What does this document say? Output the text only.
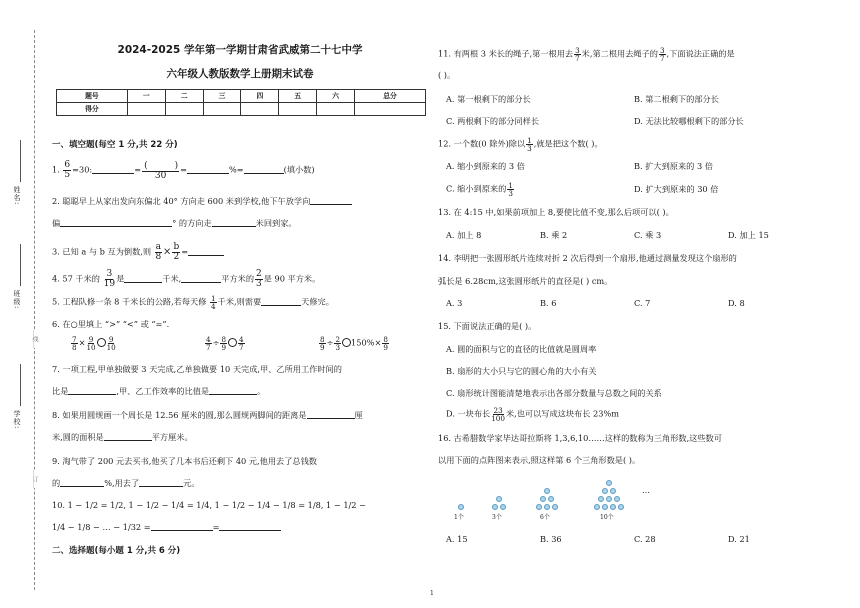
姓名:
班级:
学校:
…线…
…订…
2024-2025 学年第一学期甘肃省武威第二十七中学
六年级人教版数学上册期末试卷
题号	一	二	三	四	五	六	总分
得分							
一、填空题(每空 1 分,共 22 分)
1. $\frac{6}{5} =30$:	= (	)
30 =	%=	(填小数)
2. 聪聪早上从家出发向东偏北 40° 方向走 600 米到学校,他下午放学向
偏	° 的方向走	米回到家。
3. 已知 a 与 b 互为倒数,则 $\frac{a}{8} \times \frac{b}{2}$ =
4. 57 千米的 $\frac{3}{19}$ 是	千米,	平方米的 $\frac{2}{3}$ 是 90 平方米。
5. 工程队修一条 8 千米长的公路,若每天修 $\frac{1}{4}$ 千米,则需要	天修完。
6. 在○里填上 “>” “<” 或 “=”.
$\frac{7}{8} \times \frac{9}{10} \frac{9}{10}$	$\frac{4}{7} \div \frac{8}{9} \frac{4}{7}$	$\frac{8}{9} \div \frac{2}{3} 150\%\times \frac{8}{9}$
7. 一项工程,甲单独做要 3 天完成,乙单独做要 10 天完成,甲、乙所用工作时间的
比是	,甲、乙工作效率的比值是	。
8. 如果用圆规画一个周长是 12.56 厘米的圆,那么圆规两脚间的距离是	厘
米,圆的面积是	平方厘米。
9. 淘气带了 200 元去买书,他买了几本书后还剩下 40 元,他用去了总钱数
的	%,用去了	元。
10. 1 − 1/2 = 1/2, 1 − 1/2 − 1/4 = 1/4, 1 − 1/2 − 1/4 − 1/8 = 1/8, 1 − 1/2 −
1/4 − 1/8 − … − 1/32 =	=
二、选择题(每小题 1 分,共 6 分)
11. 有两根 3 米长的绳子,第一根用去 $\frac{3}{7}$ 米,第二根用去绳子的 $\frac{3}{7}$ ,下面说法正确的是
( )。
A. 第一根剩下的部分长	B. 第二根剩下的部分长
C. 两根剩下的部分同样长	D. 无法比较哪根剩下的部分长
12. 一个数(0 除外)除以 $\frac{1}{3}$ ,就是把这个数( )。
A. 缩小到原来的 3 倍	B. 扩大到原来的 3 倍
C. 缩小到原来的 $\frac{1}{3}$	D. 扩大到原来的 30 倍
13. 在 4:15 中,如果前项加上 8,要使比值不变,那么后项可以( )。
A. 加上 8	B. 乘 2	C. 乘 3	D. 加上 15
14. 李明把一张圆形纸片连续对折 2 次后得到一个扇形,他通过测量发现这个扇形的
弧长是 6.28cm,这张圆形纸片的直径是( ) cm。
A. 3	B. 6	C. 7	D. 8
15. 下面说法正确的是( )。
A. 圆的面积与它的直径的比值就是圆周率
B. 扇形的大小只与它的圆心角的大小有关
C. 扇形统计图能清楚地表示出各部分数量与总数之间的关系
D. 一块布长 $\frac{23}{100}$ 米,也可以写成这块布长 23%m
16. 古希腊数学家毕达哥拉斯将 1,3,6,10……这样的数称为三角形数,这些数可
以用下面的点阵图来表示,照这样第 6 个三角形数是( )。
1个	3个	6个	10个
…
A. 15	B. 36	C. 28	D. 21
1
